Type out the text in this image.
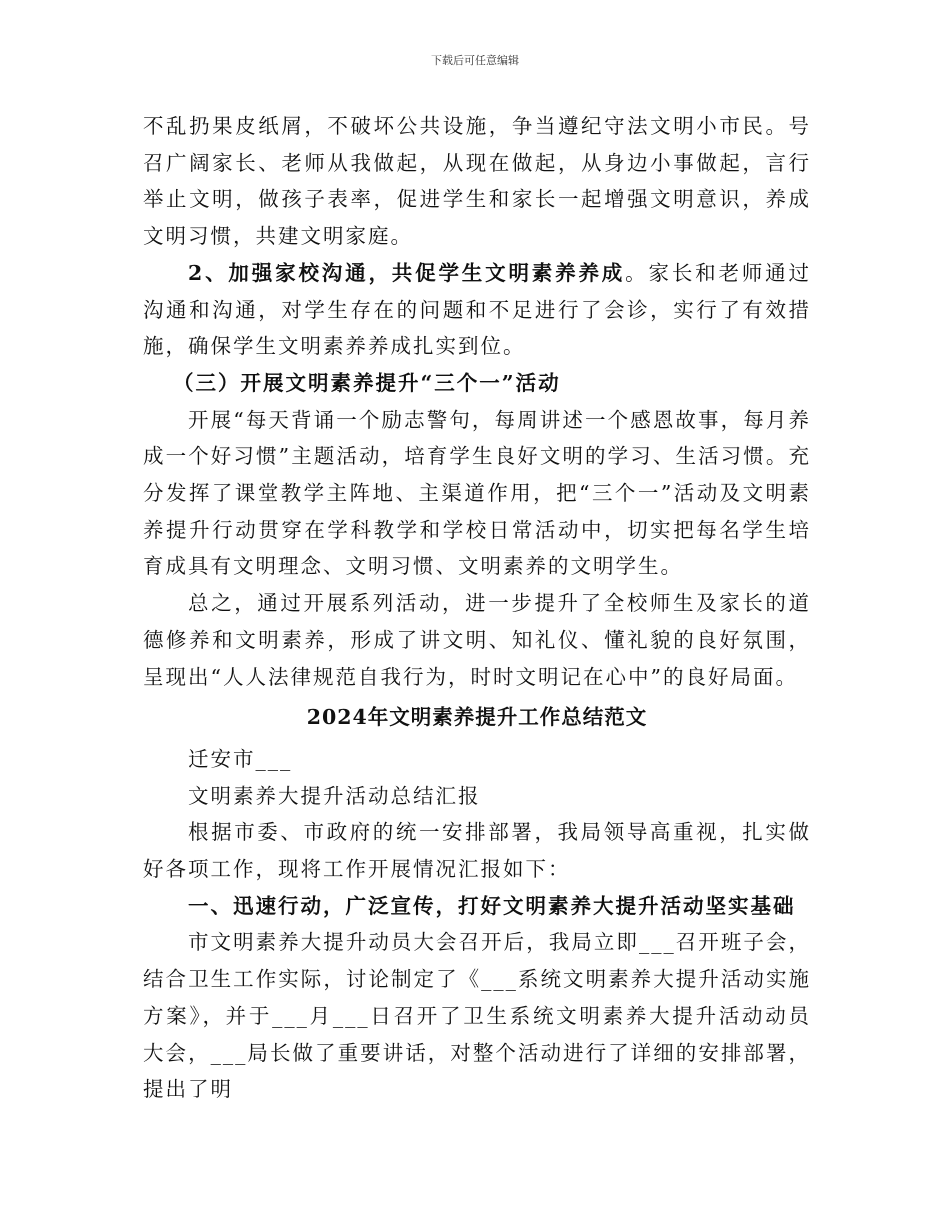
下载后可任意编辑

不乱扔果皮纸屑，不破坏公共设施，争当遵纪守法文明小市民。号召广阔家长、老师从我做起，从现在做起，从身边小事做起，言行举止文明，做孩子表率，促进学生和家长一起增强文明意识，养成文明习惯，共建文明家庭。

2、加强家校沟通，共促学生文明素养养成。家长和老师通过沟通和沟通，对学生存在的问题和不足进行了会诊，实行了有效措施，确保学生文明素养养成扎实到位。

（三）开展文明素养提升“三个一”活动

开展“每天背诵一个励志警句，每周讲述一个感恩故事，每月养成一个好习惯”主题活动，培育学生良好文明的学习、生活习惯。充分发挥了课堂教学主阵地、主渠道作用，把“三个一”活动及文明素养提升行动贯穿在学科教学和学校日常活动中，切实把每名学生培育成具有文明理念、文明习惯、文明素养的文明学生。

总之，通过开展系列活动，进一步提升了全校师生及家长的道德修养和文明素养，形成了讲文明、知礼仪、懂礼貌的良好氛围，呈现出“人人法律规范自我行为，时时文明记在心中”的良好局面。

2024年文明素养提升工作总结范文

迁安市___

文明素养大提升活动总结汇报

根据市委、市政府的统一安排部署，我局领导高重视，扎实做好各项工作，现将工作开展情况汇报如下：

一、迅速行动，广泛宣传，打好文明素养大提升活动坚实基础

市文明素养大提升动员大会召开后，我局立即___召开班子会，结合卫生工作实际，讨论制定了《___系统文明素养大提升活动实施方案》，并于___月___日召开了卫生系统文明素养大提升活动动员大会，___局长做了重要讲话，对整个活动进行了详细的安排部署，提出了明
